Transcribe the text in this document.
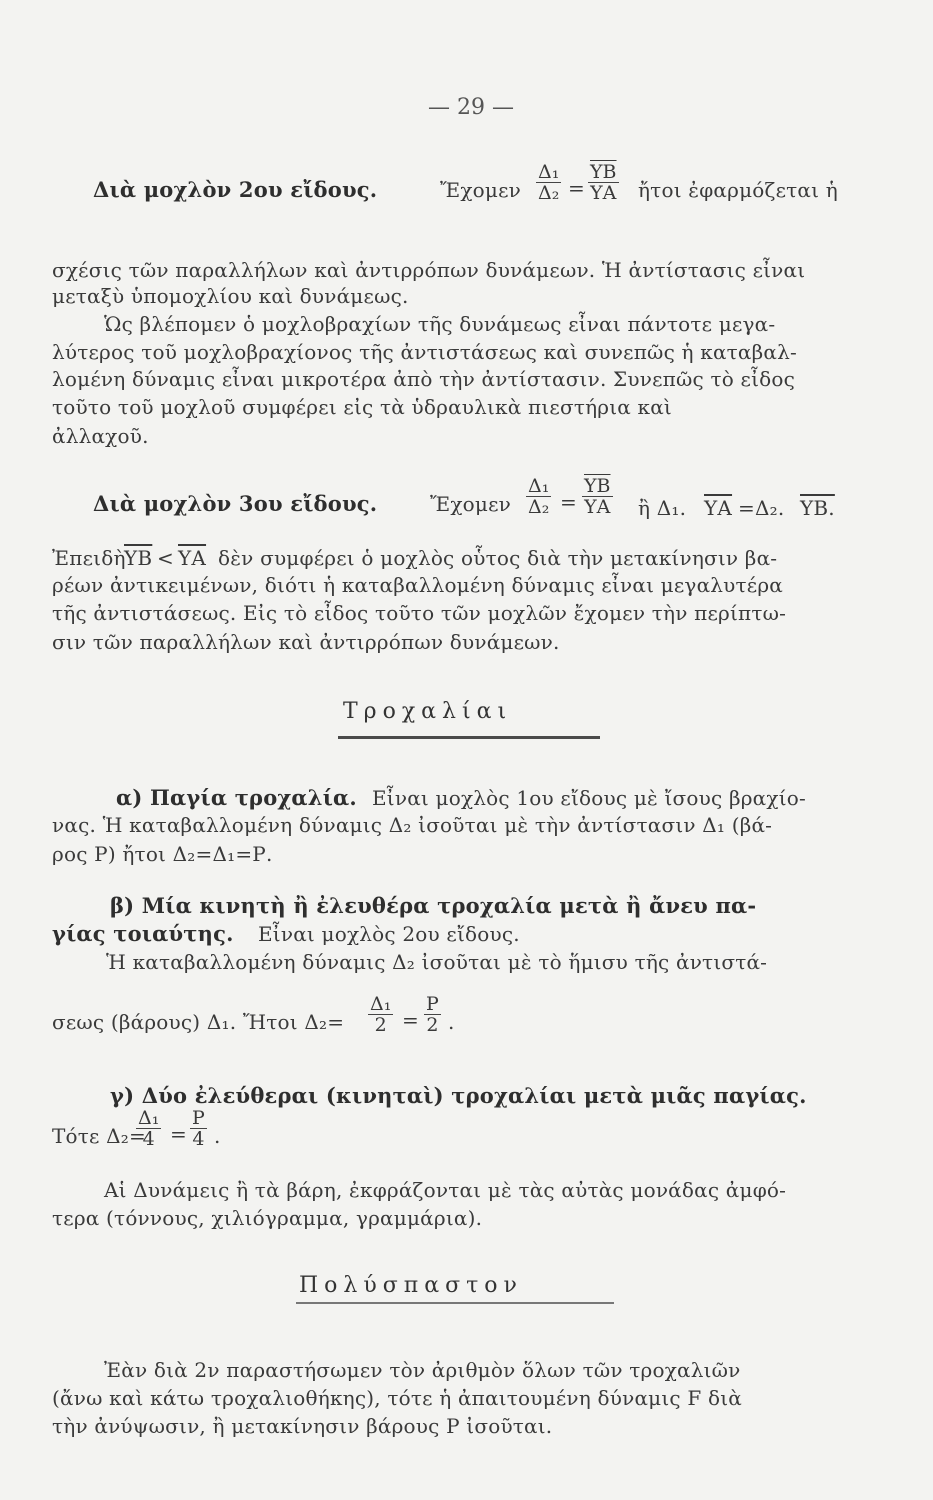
— 29 —
Διὰ μοχλὸν 2ου εἴδους.	Ἔχομεν $\frac{\text{Δ₁}}{\text{Δ₂}} = \frac{\overline{\Upsilon B}}{\Upsilon A}$ ἤτοι ἐφαρμόζεται ἡ
σχέσις τῶν παραλλήλων καὶ ἀντιρρόπων δυνάμεων. Ἡ ἀντίστασις εἶναι
μεταξὺ ὑπομοχλίου καὶ δυνάμεως.
Ὡς βλέπομεν ὁ μοχλοβραχίων τῆς δυνάμεως εἶναι πάντοτε μεγα-
λύτερος τοῦ μοχλοβραχίονος τῆς ἀντιστάσεως καὶ συνεπῶς ἡ καταβαλ-
λομένη δύναμις εἶναι μικροτέρα ἀπὸ τὴν ἀντίστασιν. Συνεπῶς τὸ εἶδος
τοῦτο τοῦ μοχλοῦ συμφέρει εἰς τὰ ὑδραυλικὰ πιεστήρια καὶ
ἀλλαχοῦ.
Διὰ μοχλὸν 3ου εἴδους.	Ἔχομεν $\frac{\text{Δ₁}}{\text{Δ₂}} = \frac{\overline{\Upsilon B}}{\Upsilon A}$ ἢ Δ₁. $\overline{\Upsilon A} =\Delta_2$. ΥΒ.
Ἐπειδὴ
$\overline{\Upsilon B} < \overline{\Upsilon A}$ δὲν συμφέρει ὁ μοχλὸς οὗτος διὰ τὴν μετακίνησιν βα-
ρέων ἀντικειμένων, διότι ἡ καταβαλλομένη δύναμις εἶναι μεγαλυτέρα
τῆς ἀντιστάσεως. Εἰς τὸ εἶδος τοῦτο τῶν μοχλῶν ἔχομεν τὴν περίπτω-
σιν τῶν παραλλήλων καὶ ἀντιρρόπων δυνάμεων.
Τροχαλίαι
α) Παγία τροχαλία. Εἶναι μοχλὸς 1ου εἴδους μὲ ἴσους βραχίο-
νας. Ἡ καταβαλλομένη δύναμις Δ₂ ἰσοῦται μὲ τὴν ἀντίστασιν Δ₁ (βά-
ρος Ρ) ἤτοι Δ₂=Δ₁=Ρ.
β) Μία κινητὴ ἢ ἐλευθέρα τροχαλία μετὰ ἢ ἄνευ πα-
γίας τοιαύτης. Εἶναι μοχλὸς 2ου εἴδους.
Ἡ καταβαλλομένη δύναμις Δ₂ ἰσοῦται μὲ τὸ ἥμισυ τῆς ἀντιστά-
σεως (βάρους) Δ₁. Ἤτοι $\Delta_2= \frac{\text{Δ₁}}{2} = \frac{P}{2}$ .
γ) Δύο ἐλεύθεραι (κινηταὶ) τροχαλίαι μετὰ μιᾶς παγίας.
Τότε Δ₂=
$\frac{\text{Δ₁}}{4} = \frac{P}{4}$ .
Αἱ Δυνάμεις ἢ τὰ βάρη, ἐκφράζονται μὲ τὰς αὐτὰς μονάδας ἀμφό-
τερα (τόννους, χιλιόγραμμα, γραμμάρια).
Πολύσπαστον
Ἐὰν διὰ 2ν παραστήσωμεν τὸν ἀριθμὸν ὅλων τῶν τροχαλιῶν
(ἄνω καὶ κάτω τροχαλιοθήκης), τότε ἡ ἀπαιτουμένη δύναμις F διὰ
τὴν ἀνύψωσιν, ἢ μετακίνησιν βάρους Ρ ἰσοῦται.
